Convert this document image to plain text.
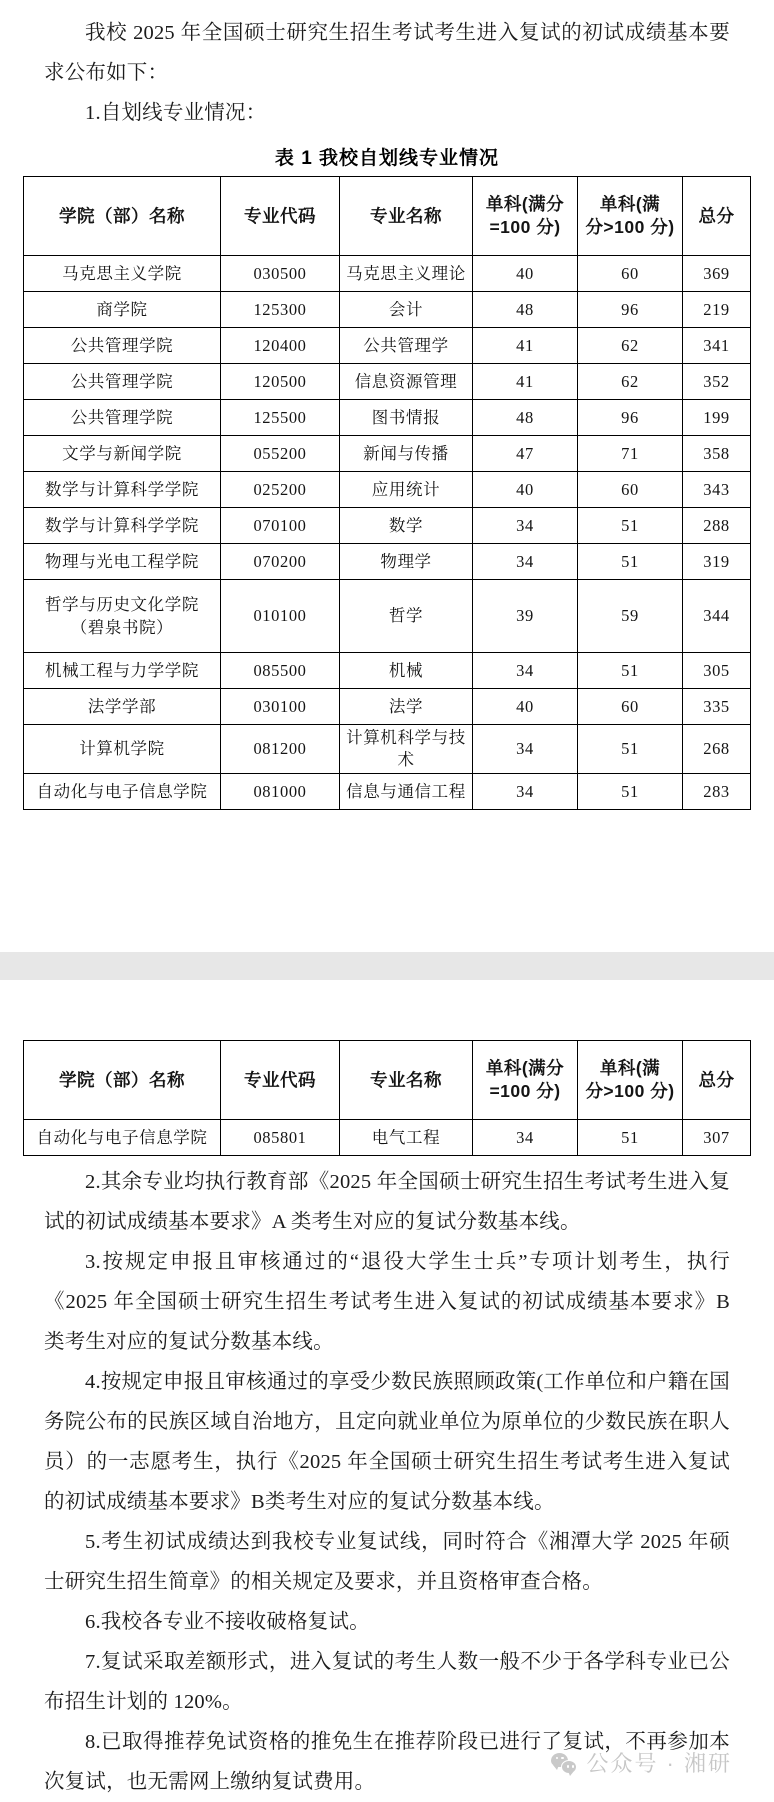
我校 2025 年全国硕士研究生招生考试考生进入复试的初试成绩基本要求公布如下：

1.自划线专业情况：

表 1 我校自划线专业情况
学院（部）名称	专业代码	专业名称	单科(满分
=100 分)	单科(满
分>100 分)	总分
马克思主义学院	030500	马克思主义理论	40	60	369
商学院	125300	会计	48	96	219
公共管理学院	120400	公共管理学	41	62	341
公共管理学院	120500	信息资源管理	41	62	352
公共管理学院	125500	图书情报	48	96	199
文学与新闻学院	055200	新闻与传播	47	71	358
数学与计算科学学院	025200	应用统计	40	60	343
数学与计算科学学院	070100	数学	34	51	288
物理与光电工程学院	070200	物理学	34	51	319

哲学与历史文化学院
（碧泉书院）	010100	哲学	39	59	344
机械工程与力学学院	085500	机械	34	51	305
法学学部	030100	法学	40	60	335
计算机学院	081200	计算机科学与技术	34	51	268
自动化与电子信息学院	081000	信息与通信工程	34	51	283
学院（部）名称	专业代码	专业名称	单科(满分
=100 分)	单科(满
分>100 分)	总分
自动化与电子信息学院	085801	电气工程	34	51	307

2.其余专业均执行教育部《2025 年全国硕士研究生招生考试考生进入复试的初试成绩基本要求》A 类考生对应的复试分数基本线。

3.按规定申报且审核通过的“退役大学生士兵”专项计划考生，执行《2025 年全国硕士研究生招生考试考生进入复试的初试成绩基本要求》B 类考生对应的复试分数基本线。

4.按规定申报且审核通过的享受少数民族照顾政策(工作单位和户籍在国务院公布的民族区域自治地方，且定向就业单位为原单位的少数民族在职人员）的一志愿考生，执行《2025 年全国硕士研究生招生考试考生进入复试的初试成绩基本要求》B类考生对应的复试分数基本线。

5.考生初试成绩达到我校专业复试线，同时符合《湘潭大学 2025 年硕士研究生招生简章》的相关规定及要求，并且资格审查合格。

6.我校各专业不接收破格复试。

7.复试采取差额形式，进入复试的考生人数一般不少于各学科专业已公布招生计划的 120%。

8.已取得推荐免试资格的推免生在推荐阶段已进行了复试，不再参加本次复试，也无需网上缴纳复试费用。

公众号 · 湘研
